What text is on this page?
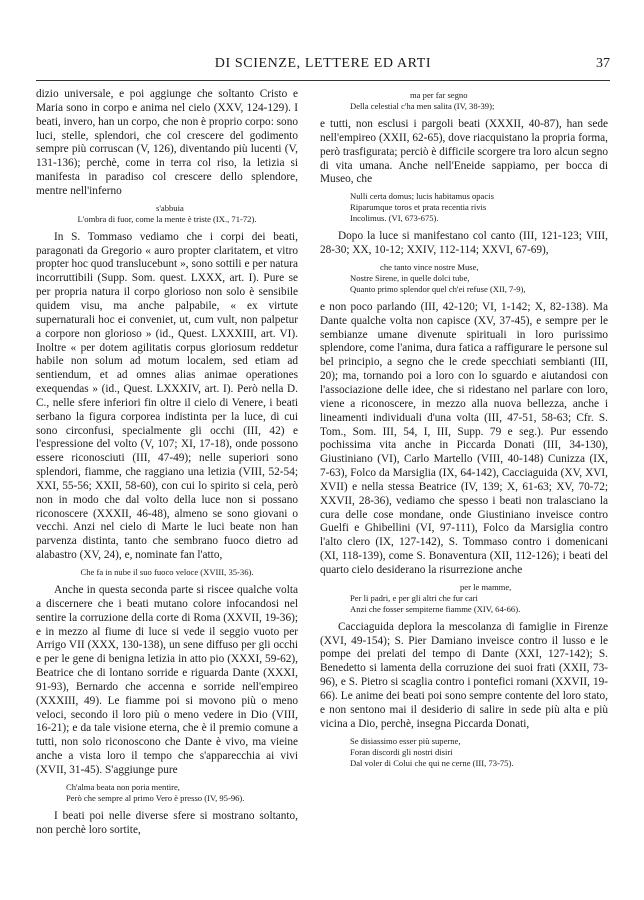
DI SCIENZE, LETTERE ED ARTI	37

dizio universale, e poi aggiunge che soltanto Cristo e Maria sono in corpo e anima nel cielo (XXV, 124-129). I beati, invero, han un corpo, che non è proprio corpo: sono luci, stelle, splendori, che col crescere del godimento sempre più corruscan (V, 126), diventando più lucenti (V, 131-136); perchè, come in terra col riso, la letizia si manifesta in paradiso col crescere dello splendore, mentre nell'inferno

s'abbuia
L'ombra di fuor, come la mente è triste (IX., 71-72).

In S. Tommaso vediamo che i corpi dei beati, paragonati da Gregorio « auro propter claritatem, et vitro propter hoc quod translucebunt », sono sottili e per natura incorruttibili (Supp. Som. quest. LXXX, art. I). Pure se per propria natura il corpo glorioso non solo è sensibile quidem visu, ma anche palpabile, « ex virtute supernaturali hoc ei conveniet, ut, cum vult, non palpetur a corpore non glorioso » (id., Quest. LXXXIII, art. VI). Inoltre « per dotem agilitatis corpus gloriosum reddetur habile non solum ad motum localem, sed etiam ad sentiendum, et ad omnes alias animae operationes exequendas » (id., Quest. LXXXIV, art. I). Però nella D. C., nelle sfere inferiori fin oltre il cielo di Venere, i beati serbano la figura corporea indistinta per la luce, di cui sono circonfusi, specialmente gli occhi (III, 42) e l'espressione del volto (V, 107; XI, 17-18), onde possono essere riconosciuti (III, 47-49); nelle superiori sono splendori, fiamme, che raggiano una letizia (VIII, 52-54; XXI, 55-56; XXII, 58-60), con cui lo spirito si cela, però non in modo che dal volto della luce non si possano riconoscere (XXXII, 46-48), almeno se sono giovani o vecchi. Anzi nel cielo di Marte le luci beate non han parvenza distinta, tanto che sembrano fuoco dietro ad alabastro (XV, 24), e, nominate fan l'atto,

Che fa in nube il suo fuoco veloce (XVIII, 35-36).

Anche in questa seconda parte si riscee qualche volta a discernere che i beati mutano colore infocandosi nel sentire la corruzione della corte di Roma (XXVII, 19-36); e in mezzo al fiume di luce si vede il seggio vuoto per Arrigo VII (XXX, 130-138), un sene diffuso per gli occhi e per le gene di benigna letizia in atto pio (XXXI, 59-62), Beatrice che di lontano sorride e riguarda Dante (XXXI, 91-93), Bernardo che accenna e sorride nell'empireo (XXXIII, 49). Le fiamme poi si movono più o meno veloci, secondo il loro più o meno vedere in Dio (VIII, 16-21); e da tale visione eterna, che è il premio comune a tutti, non solo riconoscono che Dante è vivo, ma vieine anche a vista loro il tempo che s'apparecchia ai vivi (XVII, 31-45). S'aggiunge pure

Ch'alma beata non poria mentire,
Però che sempre al primo Vero è presso (IV, 95-96).

I beati poi nelle diverse sfere si mostrano soltanto, non perchè loro sortite,

ma per far segno
Della celestial c'ha men salita (IV, 38-39);

e tutti, non esclusi i pargoli beati (XXXII, 40-87), han sede nell'empireo (XXII, 62-65), dove riacquistano la propria forma, però trasfigurata; perciò è difficile scorgere tra loro alcun segno di vita umana. Anche nell'Eneide sappiamo, per bocca di Museo, che

Nulli certa domus; lucis habitamus opacis
Riparumque toros et prata recentia rivis
Incolimus. (VI, 673-675).

Dopo la luce si manifestano col canto (III, 121-123; VIII, 28-30; XX, 10-12; XXIV, 112-114; XXVI, 67-69),

che tanto vince nostre Muse,
Nostre Sirene, in quelle dolci tube,
Quanto primo splendor quel ch'ei refuse (XII, 7-9),

e non poco parlando (III, 42-120; VI, 1-142; X, 82-138). Ma Dante qualche volta non capisce (XV, 37-45), e sempre per le sembianze umane divenute spirituali in loro purissimo splendore, come l'anima, dura fatica a raffigurare le persone sul bel principio, a segno che le crede specchiati sembianti (III, 20); ma, tornando poi a loro con lo sguardo e aiutandosi con l'associazione delle idee, che si ridestano nel parlare con loro, viene a riconoscere, in mezzo alla nuova bellezza, anche i lineamenti individuali d'una volta (III, 47-51, 58-63; Cfr. S. Tom., Som. III, 54, I, III, Supp. 79 e seg.). Pur essendo pochissima vita anche in Piccarda Donati (III, 34-130), Giustiniano (VI), Carlo Martello (VIII, 40-148) Cunizza (IX, 7-63), Folco da Marsiglia (IX, 64-142), Cacciaguida (XV, XVI, XVII) e nella stessa Beatrice (IV, 139; X, 61-63; XV, 70-72; XXVII, 28-36), vediamo che spesso i beati non tralasciano la cura delle cose mondane, onde Giustiniano inveisce contro Guelfi e Ghibellini (VI, 97-111), Folco da Marsiglia contro l'alto clero (IX, 127-142), S. Tommaso contro i domenicani (XI, 118-139), come S. Bonaventura (XII, 112-126); i beati del quarto cielo desiderano la risurrezione anche

per le mamme,
Per li padri, e per gli altri che fur cari
Anzi che fosser sempiterne fiamme (XIV, 64-66).

Cacciaguida deplora la mescolanza di famiglie in Firenze (XVI, 49-154); S. Pier Damiano inveisce contro il lusso e le pompe dei prelati del tempo di Dante (XXI, 127-142); S. Benedetto si lamenta della corruzione dei suoi frati (XXII, 73-96), e S. Pietro si scaglia contro i pontefici romani (XXVII, 19-66). Le anime dei beati poi sono sempre contente del loro stato, e non sentono mai il desiderio di salire in sede più alta e più vicina a Dio, perchè, insegna Piccarda Donati,

Se disiassimo esser più superne,
Foran discordi gli nostri disiri
Dal voler di Colui che qui ne cerne (III, 73-75).
